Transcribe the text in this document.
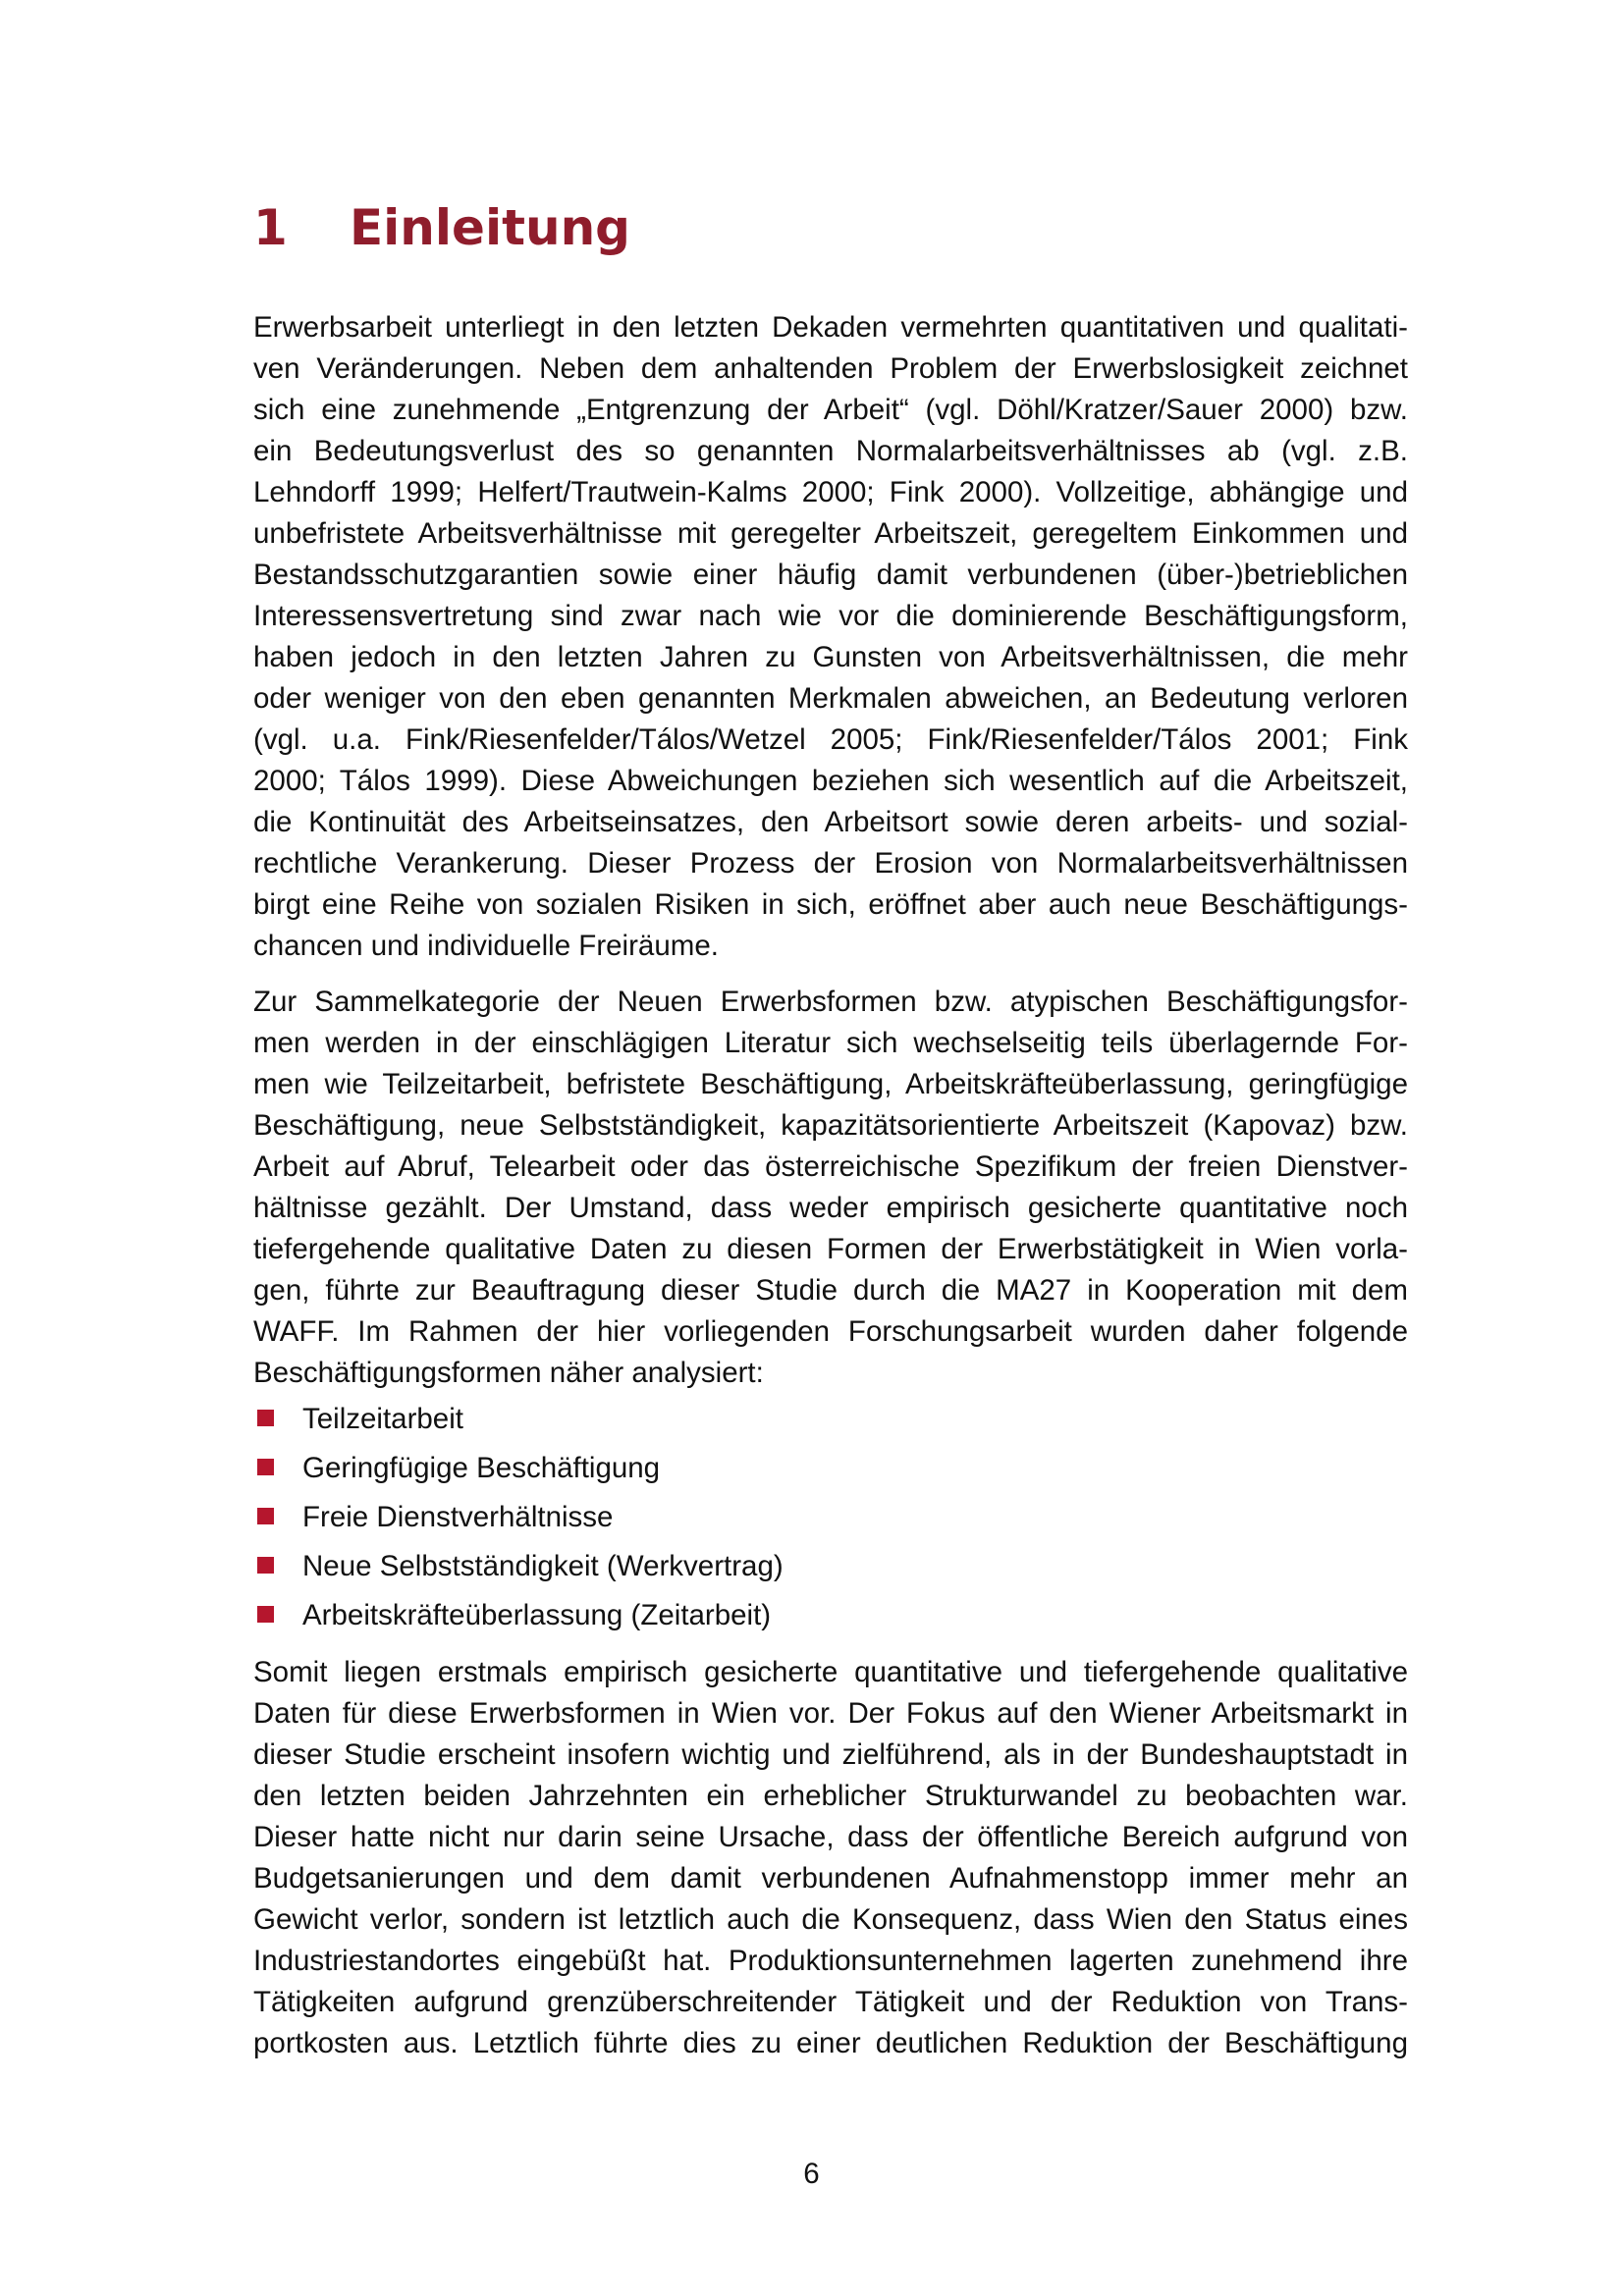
1 Einleitung

Erwerbsarbeit unterliegt in den letzten Dekaden vermehrten quantitativen und qualitati-
ven Veränderungen. Neben dem anhaltenden Problem der Erwerbslosigkeit zeichnet
sich eine zunehmende „Entgrenzung der Arbeit“ (vgl. Döhl/Kratzer/Sauer 2000) bzw.
ein Bedeutungsverlust des so genannten Normalarbeitsverhältnisses ab (vgl. z.B.
Lehndorff 1999; Helfert/Trautwein-Kalms 2000; Fink 2000). Vollzeitige, abhängige und
unbefristete Arbeitsverhältnisse mit geregelter Arbeitszeit, geregeltem Einkommen und
Bestandsschutzgarantien sowie einer häufig damit verbundenen (über-)betrieblichen
Interessensvertretung sind zwar nach wie vor die dominierende Beschäftigungsform,
haben jedoch in den letzten Jahren zu Gunsten von Arbeitsverhältnissen, die mehr
oder weniger von den eben genannten Merkmalen abweichen, an Bedeutung verloren
(vgl. u.a. Fink/Riesenfelder/Tálos/Wetzel 2005; Fink/Riesenfelder/Tálos 2001; Fink
2000; Tálos 1999). Diese Abweichungen beziehen sich wesentlich auf die Arbeitszeit,
die Kontinuität des Arbeitseinsatzes, den Arbeitsort sowie deren arbeits- und sozial-
rechtliche Verankerung. Dieser Prozess der Erosion von Normalarbeitsverhältnissen
birgt eine Reihe von sozialen Risiken in sich, eröffnet aber auch neue Beschäftigungs-
chancen und individuelle Freiräume.

Zur Sammelkategorie der Neuen Erwerbsformen bzw. atypischen Beschäftigungsfor-
men werden in der einschlägigen Literatur sich wechselseitig teils überlagernde For-
men wie Teilzeitarbeit, befristete Beschäftigung, Arbeitskräfteüberlassung, geringfügige
Beschäftigung, neue Selbstständigkeit, kapazitätsorientierte Arbeitszeit (Kapovaz) bzw.
Arbeit auf Abruf, Telearbeit oder das österreichische Spezifikum der freien Dienstver-
hältnisse gezählt. Der Umstand, dass weder empirisch gesicherte quantitative noch
tiefergehende qualitative Daten zu diesen Formen der Erwerbstätigkeit in Wien vorla-
gen, führte zur Beauftragung dieser Studie durch die MA27 in Kooperation mit dem
WAFF. Im Rahmen der hier vorliegenden Forschungsarbeit wurden daher folgende
Beschäftigungsformen näher analysiert:

Teilzeitarbeit
Geringfügige Beschäftigung
Freie Dienstverhältnisse
Neue Selbstständigkeit (Werkvertrag)
Arbeitskräfteüberlassung (Zeitarbeit)

Somit liegen erstmals empirisch gesicherte quantitative und tiefergehende qualitative
Daten für diese Erwerbsformen in Wien vor. Der Fokus auf den Wiener Arbeitsmarkt in
dieser Studie erscheint insofern wichtig und zielführend, als in der Bundeshauptstadt in
den letzten beiden Jahrzehnten ein erheblicher Strukturwandel zu beobachten war.
Dieser hatte nicht nur darin seine Ursache, dass der öffentliche Bereich aufgrund von
Budgetsanierungen und dem damit verbundenen Aufnahmenstopp immer mehr an
Gewicht verlor, sondern ist letztlich auch die Konsequenz, dass Wien den Status eines
Industriestandortes eingebüßt hat. Produktionsunternehmen lagerten zunehmend ihre
Tätigkeiten aufgrund grenzüberschreitender Tätigkeit und der Reduktion von Trans-
portkosten aus. Letztlich führte dies zu einer deutlichen Reduktion der Beschäftigung

6
